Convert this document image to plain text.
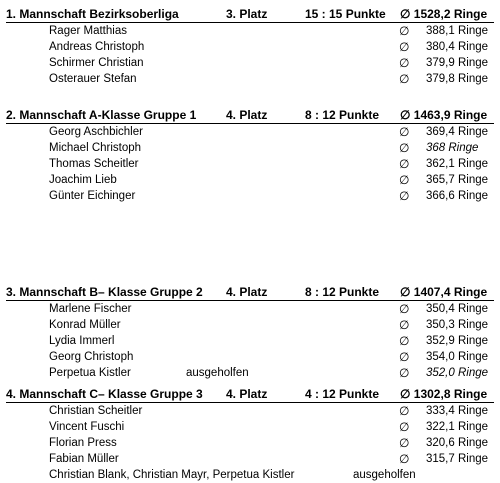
1. Mannschaft Bezirksoberliga	3. Platz	15 : 15 Punkte ∅ 1528,2 Ringe
Rager Matthias	∅ 388,1 Ringe
Andreas Christoph	∅ 380,4 Ringe
Schirmer Christian	∅ 379,9 Ringe
Osterauer Stefan	∅ 379,8 Ringe
2. Mannschaft A-Klasse Gruppe 1 4. Platz	8 : 12 Punkte ∅ 1463,9 Ringe
Georg Aschbichler	∅ 369,4 Ringe
Michael Christoph	∅ 368 Ringe
Thomas Scheitler	∅ 362,1 Ringe
Joachim Lieb	∅ 365,7 Ringe
Günter Eichinger	∅ 366,6 Ringe
3. Mannschaft B– Klasse Gruppe 2 4. Platz	8 : 12 Punkte ∅ 1407,4 Ringe
Marlene Fischer	∅ 350,4 Ringe
Konrad Müller	∅ 350,3 Ringe
Lydia Immerl	∅ 352,9 Ringe
Georg Christoph	∅ 354,0 Ringe
Perpetua Kistler	ausgeholfen	∅ 352,0 Ringe
4. Mannschaft C– Klasse Gruppe 3 4. Platz	4 : 12 Punkte ∅ 1302,8 Ringe
Christian Scheitler	∅ 333,4 Ringe
Vincent Fuschi	∅ 322,1 Ringe
Florian Press	∅ 320,6 Ringe
Fabian Müller	∅ 315,7 Ringe
Christian Blank, Christian Mayr, Perpetua Kistler	ausgeholfen
